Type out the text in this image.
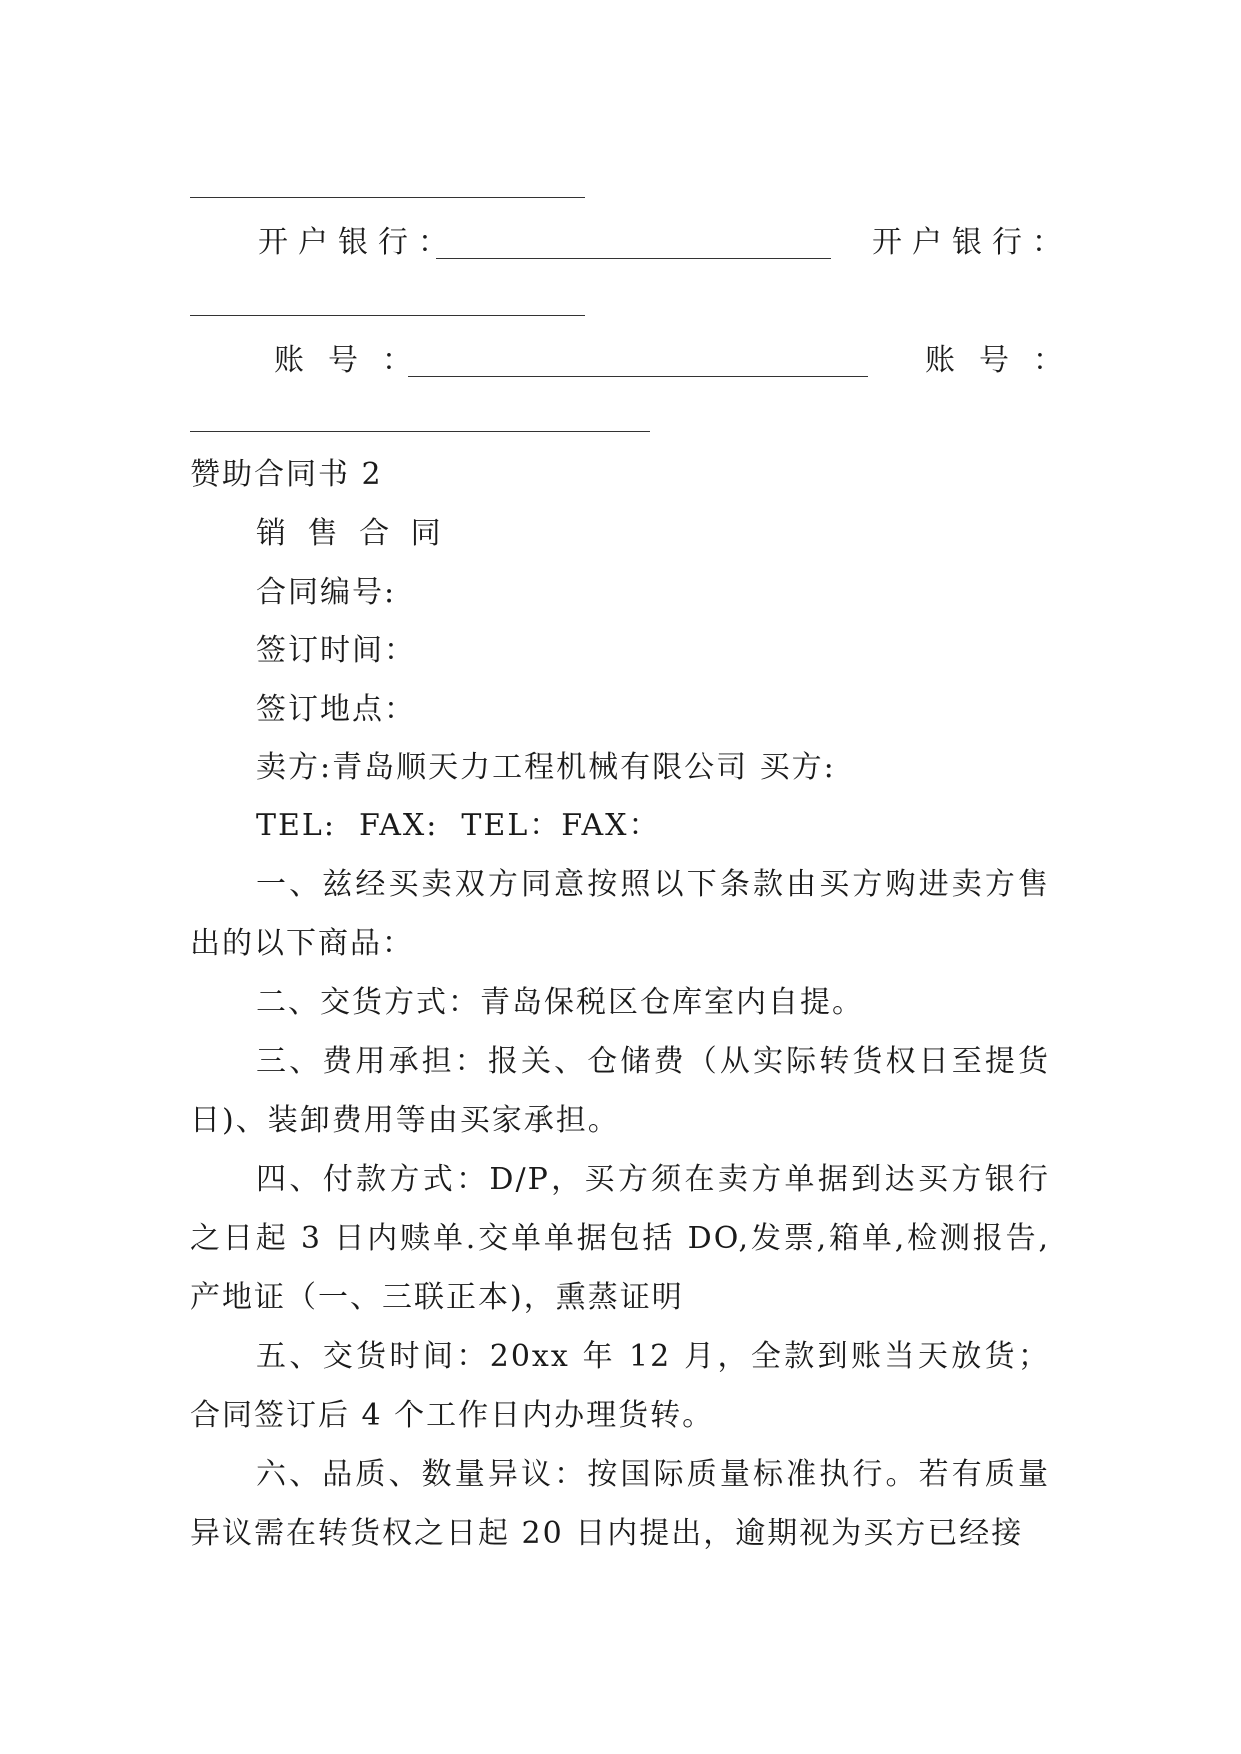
开户银行：	开户银行：
账号：	账号：
赞助合同书 2
销 售 合 同
合同编号:
签订时间：
签订地点：
卖方:青岛顺天力工程机械有限公司 买方:
TEL:  FAX:  TEL：FAX：
一、兹经买卖双方同意按照以下条款由买方购进卖方售出的以下商品：
二、交货方式：青岛保税区仓库室内自提。
三、费用承担：报关、仓储费（从实际转货权日至提货日)、装卸费用等由买家承担。
四、付款方式：D/P，买方须在卖方单据到达买方银行之日起 3 日内赎单.交单单据包括 DO,发票,箱单,检测报告,产地证（一、三联正本)，熏蒸证明
五、交货时间：20xx 年 12 月，全款到账当天放货；合同签订后 4 个工作日内办理货转。
六、品质、数量异议：按国际质量标准执行。若有质量异议需在转货权之日起 20 日内提出，逾期视为买方已经接
